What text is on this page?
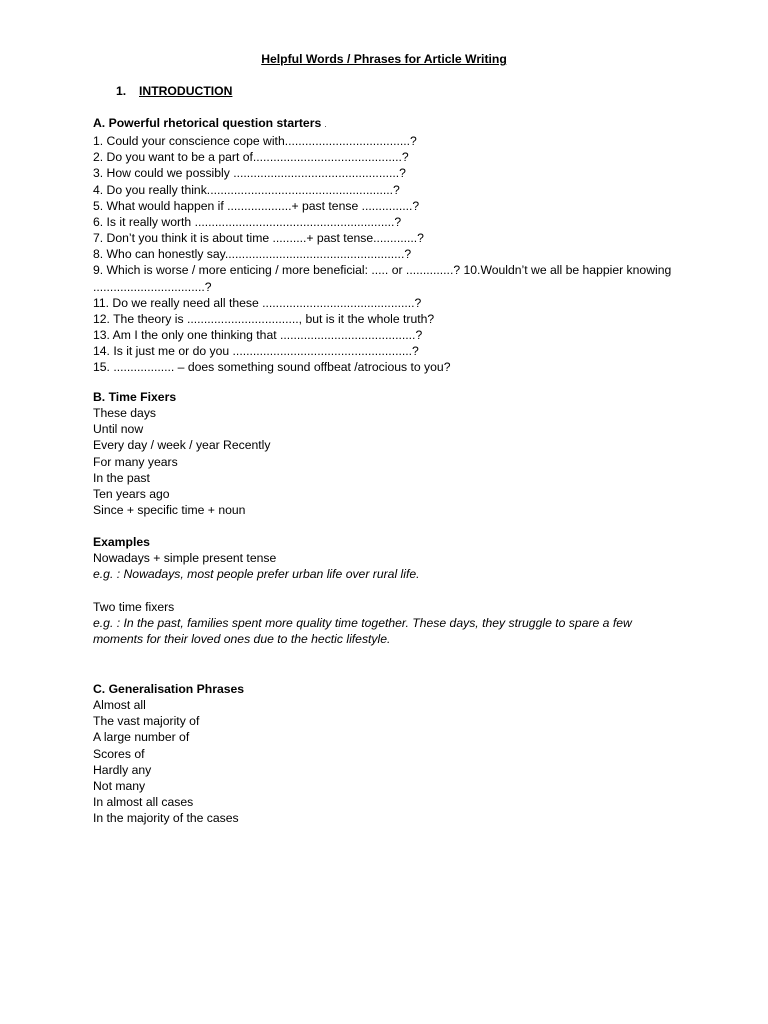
Helpful Words / Phrases for Article Writing
1. INTRODUCTION
A. Powerful rhetorical question starters .
1. Could your conscience cope with.....................................?
2. Do you want to be a part of............................................?
3. How could we possibly .................................................?
4. Do you really think.......................................................?
5. What would happen if ...................+ past tense ...............?
6. Is it really worth ...........................................................?
7. Don’t you think it is about time ..........+ past tense.............?
8. Who can honestly say.....................................................?
9. Which is worse / more enticing / more beneficial: ..... or ..............? 10.Wouldn’t we all be happier knowing .................................?
11. Do we really need all these .............................................?
12. The theory is ................................., but is it the whole truth?
13. Am I the only one thinking that ........................................?
14. Is it just me or do you .....................................................?
15. .................. – does something sound offbeat /atrocious to you?
B. Time Fixers
These days
Until now
Every day / week / year Recently
For many years
In the past
Ten years ago
Since + specific time + noun
Examples
Nowadays + simple present tense
e.g. : Nowadays, most people prefer urban life over rural life.
Two time fixers
e.g. : In the past, families spent more quality time together. These days, they struggle to spare a few moments for their loved ones due to the hectic lifestyle.
C. Generalisation Phrases
Almost all
The vast majority of
A large number of
Scores of
Hardly any
Not many
In almost all cases
In the majority of the cases
